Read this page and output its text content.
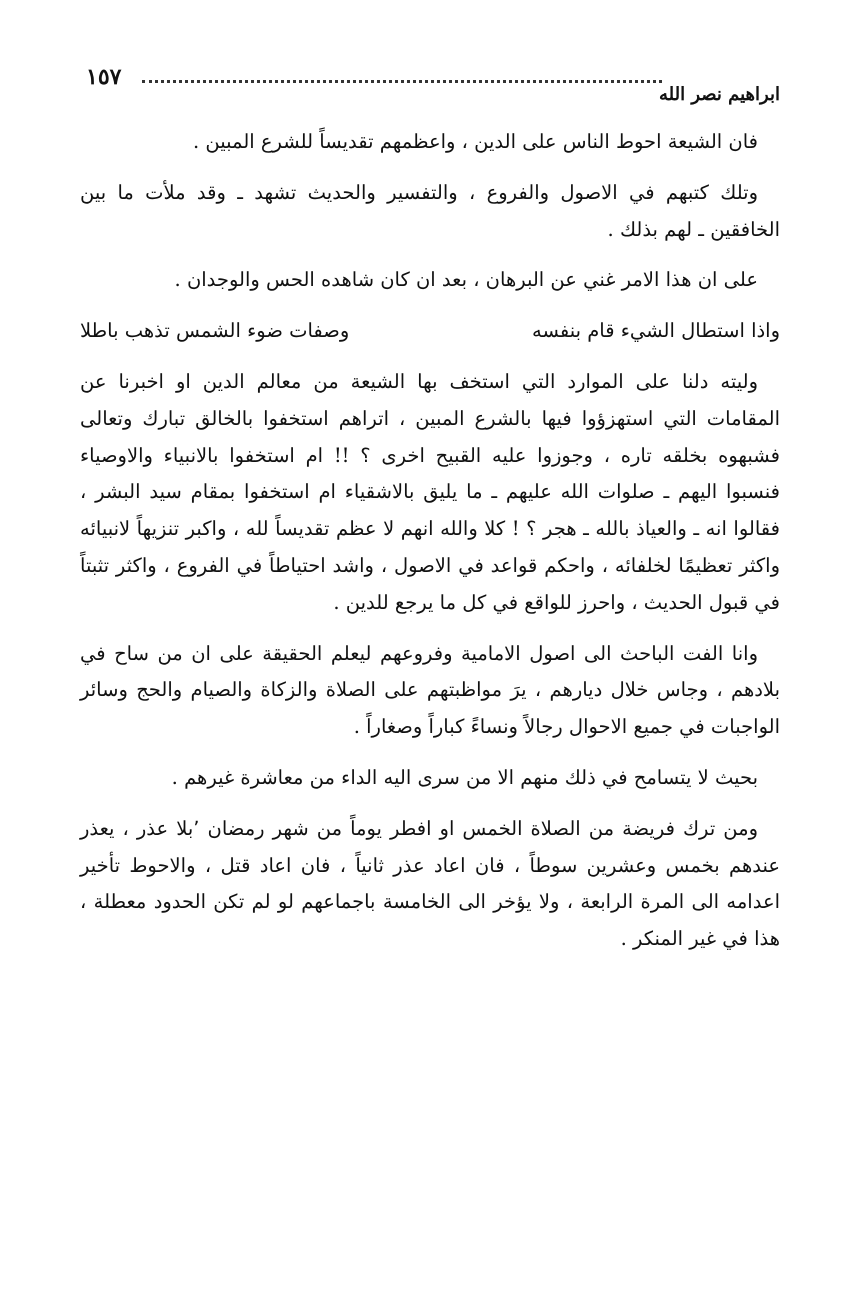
١٥٧
ابراهيم نصر الله

فان الشيعة احوط الناس على الدين ، واعظمهم تقديساً للشرع المبين .

وتلك كتبهم في الاصول والفروع ، والتفسير والحديث تشهد ـ وقد ملأت ما بين الخافقين ـ لهم بذلك .

على ان هذا الامر غني عن البرهان ، بعد ان كان شاهده الحس والوجدان .

واذا استطال الشيء قام بنفسه
وصفات ضوء الشمس تذهب باطلا

وليته دلنا على الموارد التي استخف بها الشيعة من معالم الدين او اخبرنا عن المقامات التي استهزؤوا فيها بالشرع المبين ، اتراهم استخفوا بالخالق تبارك وتعالى فشبهوه بخلقه تاره ، وجوزوا عليه القبيح اخرى ؟ !! ام استخفوا بالانبياء والاوصياء فنسبوا اليهم ـ صلوات الله عليهم ـ ما يليق بالاشقياء ام استخفوا بمقام سيد البشر ، فقالوا انه ـ والعياذ بالله ـ هجر ؟ ! كلا والله انهم لا عظم تقديساً لله ، واكبر تنزيهاً لانبيائه واكثر تعظيمًا لخلفائه ، واحكم قواعد في الاصول ، واشد احتياطاً في الفروع ، واكثر تثبتاً في قبول الحديث ، واحرز للواقع في كل ما يرجع للدين .

وانا الفت الباحث الى اصول الامامية وفروعهم ليعلم الحقيقة على ان من ساح في بلادهم ، وجاس خلال ديارهم ، يرَ مواظبتهم على الصلاة والزكاة والصيام والحج وسائر الواجبات في جميع الاحوال رجالاً ونساءً كباراً وصغاراً .

بحيث لا يتسامح في ذلك منهم الا من سرى اليه الداء من معاشرة غيرهم .

ومن ترك فريضة من الصلاة الخمس او افطر يوماً من شهر رمضان ٬بلا عذر ، يعذر عندهم بخمس وعشرين سوطاً ، فان اعاد عذر ثانياً ، فان اعاد قتل ، والاحوط تأخير اعدامه الى المرة الرابعة ، ولا يؤخر الى الخامسة باجماعهم لو لم تكن الحدود معطلة ، هذا في غير المنكر .
